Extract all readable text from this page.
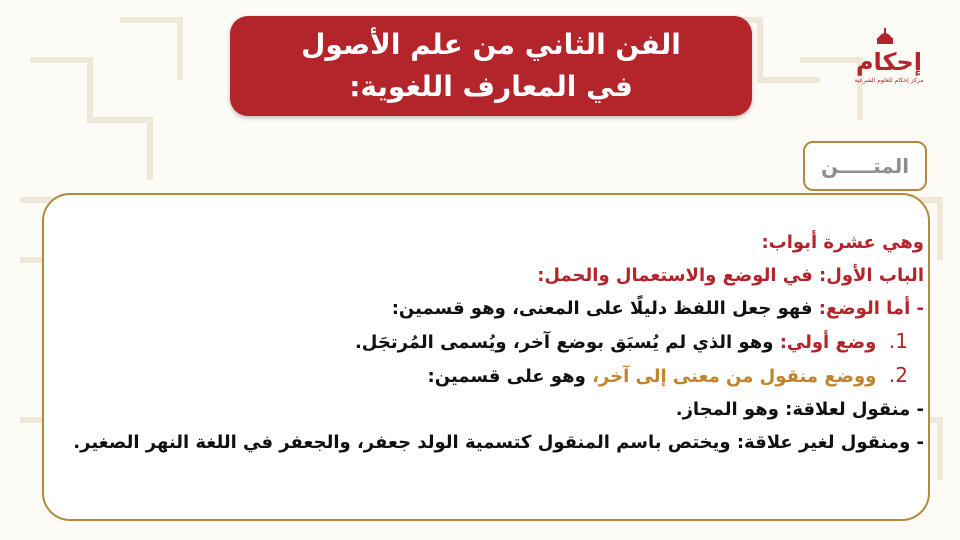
الفن الثاني من علم الأصول
في المعارف اللغوية:
إحكام
مركز إحكام للعلوم الشرعية
المتـــــن

وهي عشرة أبواب:

الباب الأول: في الوضع والاستعمال والحمل:

- أما الوضع: فهو جعل اللفظ دليلًا على المعنى، وهو قسمين:

1.  وضع أولي: وهو الذي لم يُسبَق بوضع آخر، ويُسمى المُرتجَل.

2.  ووضع منقول من معنى إلى آخر، وهو على قسمين:

- منقول لعلاقة: وهو المجاز.

- ومنقول لغير علاقة: ويختص باسم المنقول كتسمية الولد جعفر، والجعفر في اللغة النهر الصغير.
